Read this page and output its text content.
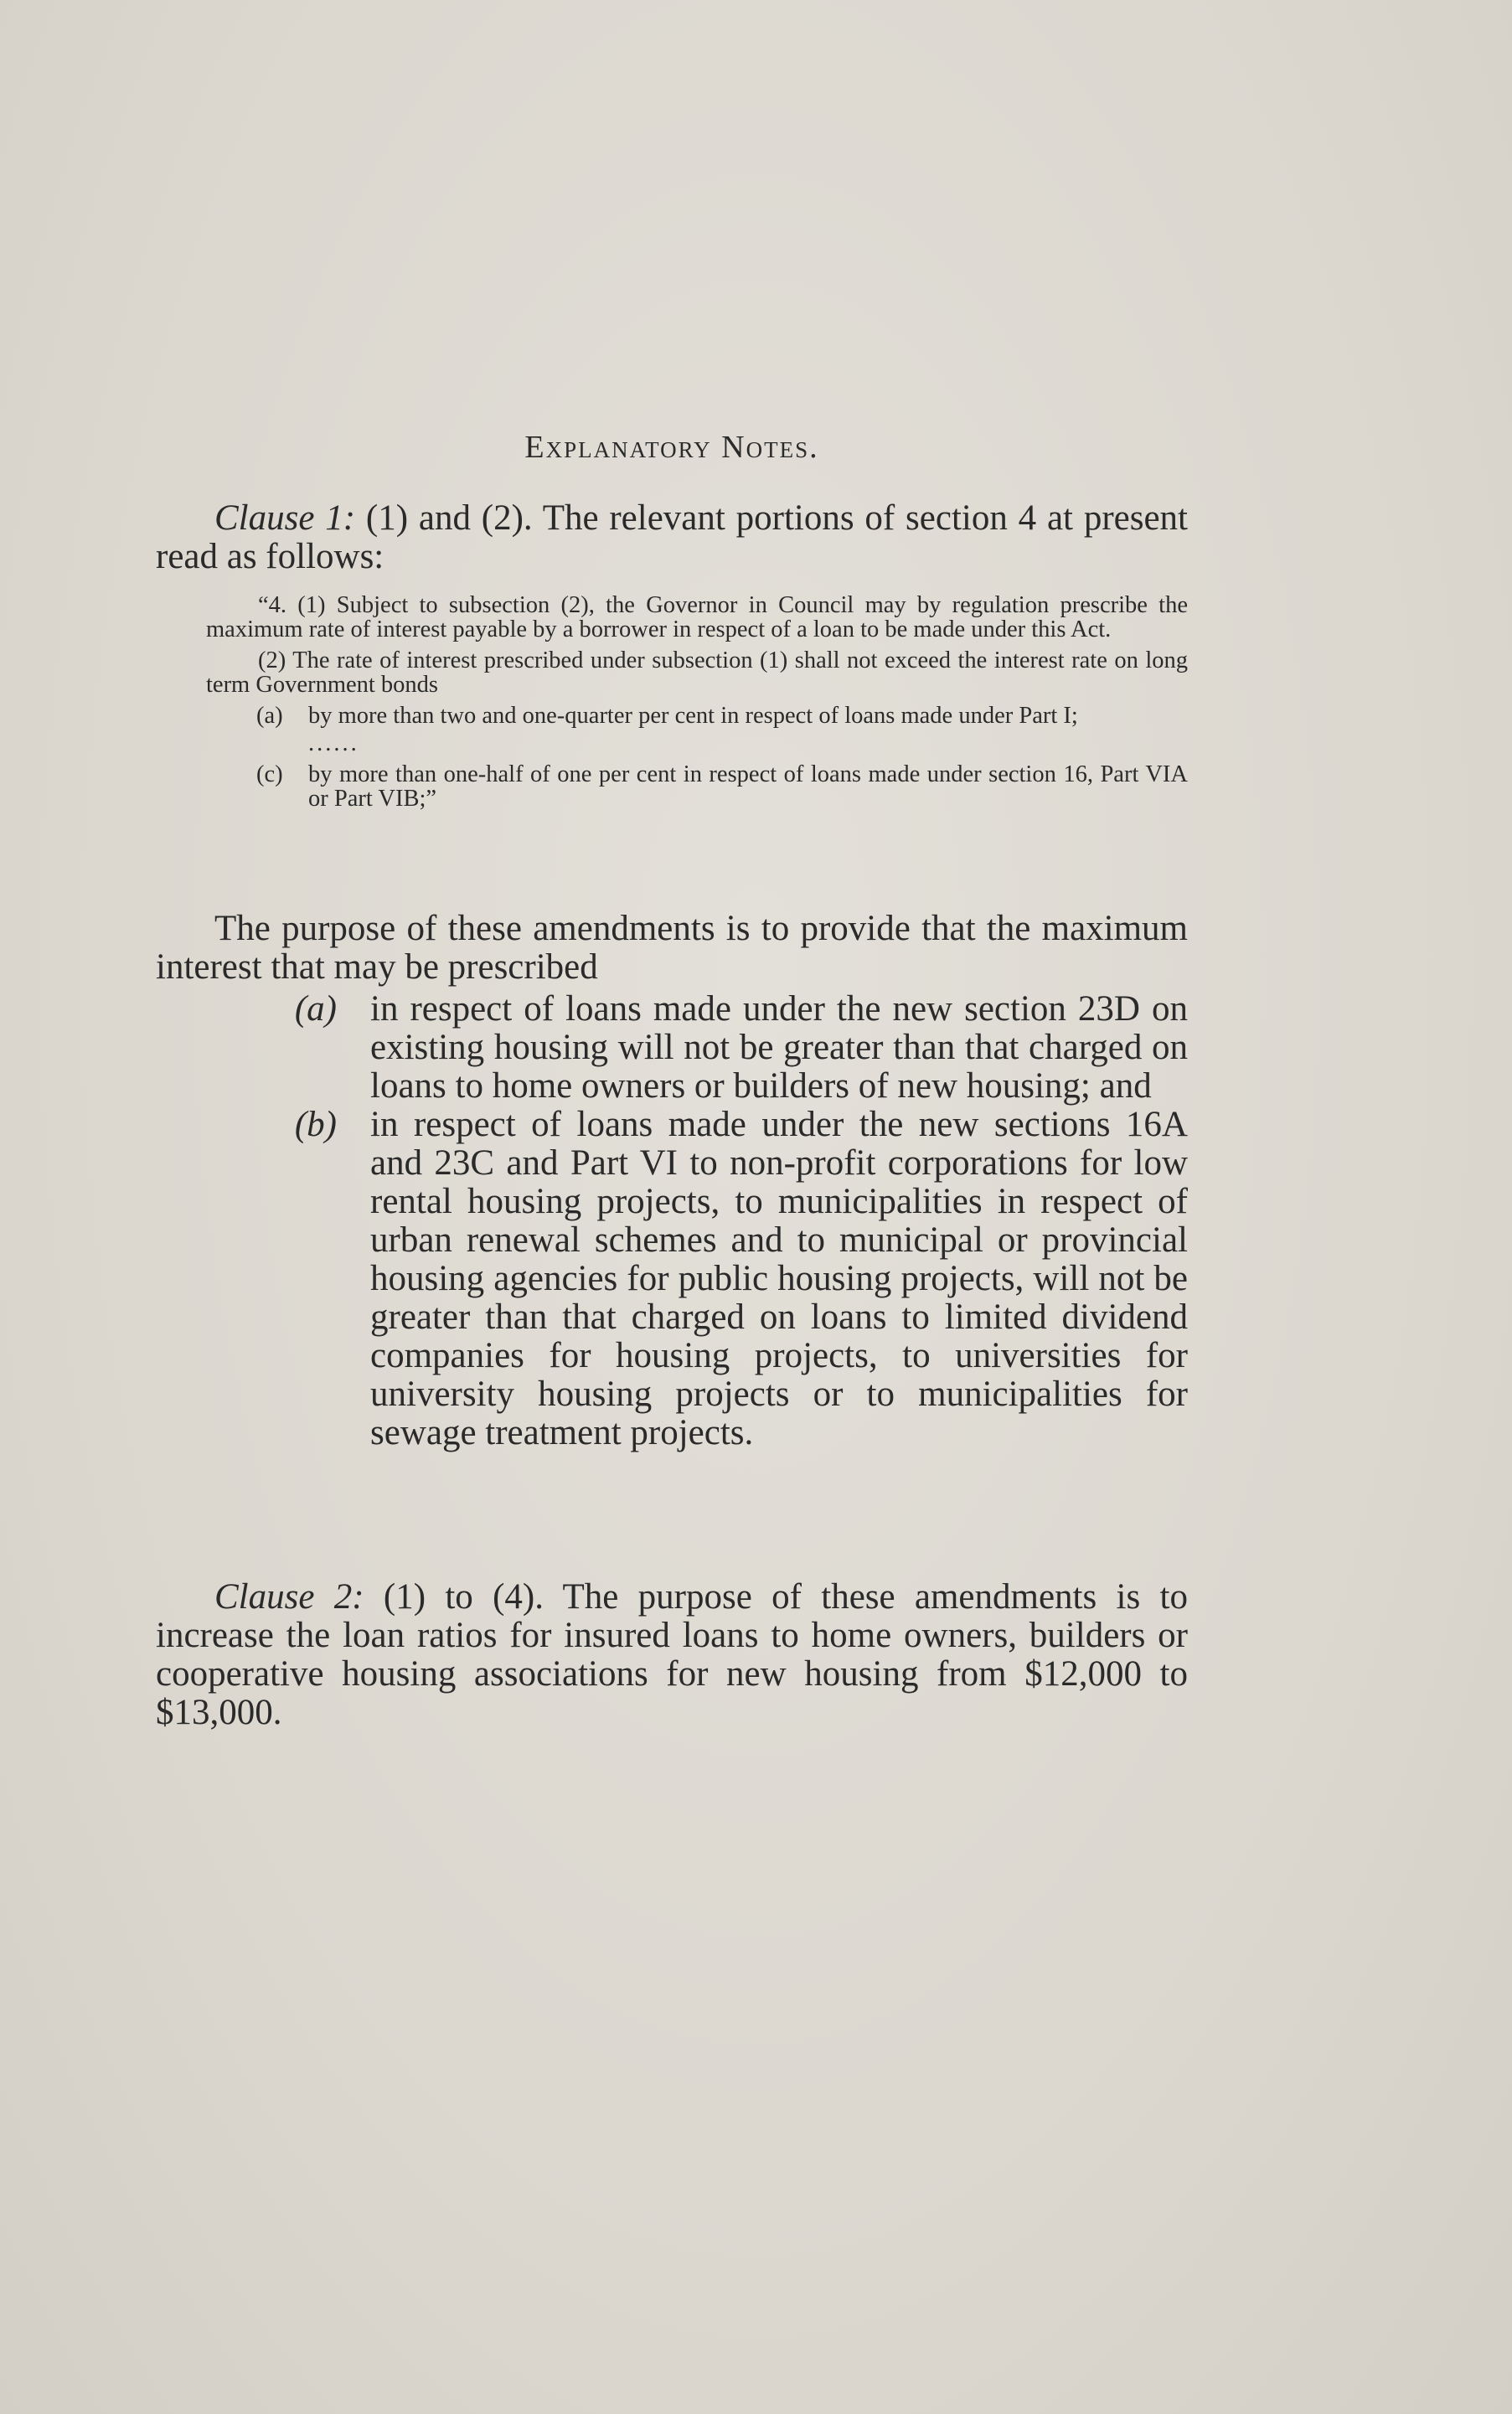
Explanatory Notes.
Clause 1: (1) and (2). The relevant portions of section 4 at present read as follows:

“4. (1) Subject to subsection (2), the Governor in Council may by regulation prescribe the maximum rate of interest payable by a borrower in respect of a loan to be made under this Act.

(2) The rate of interest prescribed under subsection (1) shall not exceed the interest rate on long term Government bonds

(a)	by more than two and one-quarter per cent in respect of loans made under Part I;
......
(c)	by more than one-half of one per cent in respect of loans made under section 16, Part VIA or Part VIB;”
The purpose of these amendments is to provide that the maximum interest that may be prescribed
(a) in respect of loans made under the new section 23D on existing housing will not be greater than that charged on loans to home owners or builders of new housing; and
(b) in respect of loans made under the new sections 16A and 23C and Part VI to non-profit corporations for low rental housing projects, to municipalities in respect of urban renewal schemes and to municipal or provincial housing agencies for public housing projects, will not be greater than that charged on loans to limited dividend companies for housing projects, to universities for university housing projects or to municipalities for sewage treatment projects.
Clause 2: (1) to (4). The purpose of these amendments is to increase the loan ratios for insured loans to home owners, builders or cooperative housing associations for new housing from $12,000 to $13,000.
